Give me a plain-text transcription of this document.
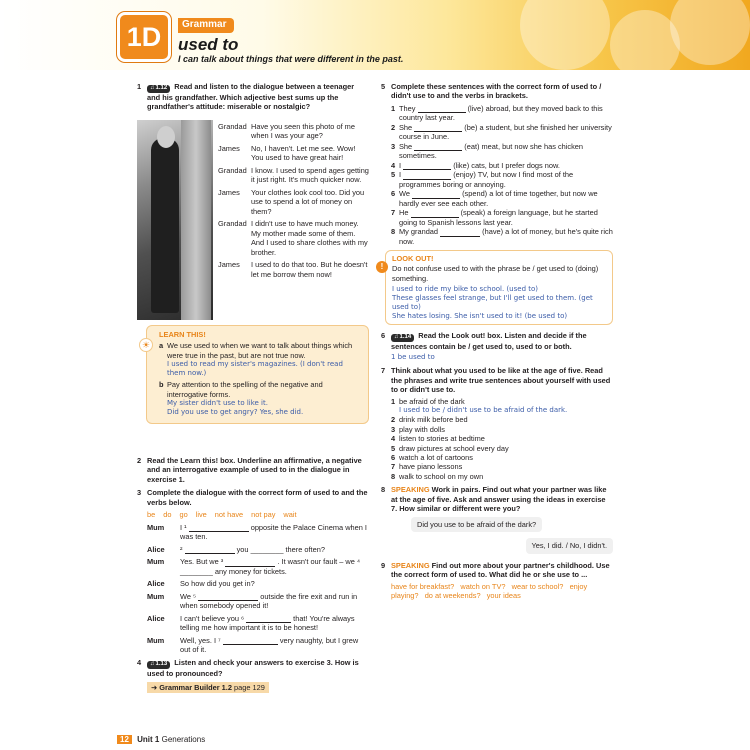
1D	Grammar
used to
I can talk about things that were different in the past.
1 ♫ 1.12 Read and listen to the dialogue between a teenager and his grandfather. Which adjective best sums up the grandfather's attitude: miserable or nostalgic?
Grandad Have you seen this photo of me when I was your age?
James	No, I haven't. Let me see. Wow! You used to have great hair!
Grandad I know. I used to spend ages getting it just right. It's much quicker now.
James	Your clothes look cool too. Did you use to spend a lot of money on them?
Grandad I didn't use to have much money. My mother made some of them. And I used to share clothes with my brother.
James	I used to do that too. But he doesn't let me borrow them now!
☀
LEARN THIS!
a We use used to when we want to talk about things which were true in the past, but are not true now.
I used to read my sister's magazines. (I don't read them now.)
b Pay attention to the spelling of the negative and interrogative forms.
My sister didn't use to like it.
Did you use to get angry? Yes, she did.
2 Read the Learn this! box. Underline an affirmative, a negative and an interrogative example of used to in the dialogue in exercise 1.
3 Complete the dialogue with the correct form of used to and the verbs below.
be do go live not have not pay wait
Mum	I ¹	opposite the Palace Cinema when I was ten.
Alice	²	you ________ there often?
Mum	Yes. But we ³	. It wasn't our fault – we ⁴ ________ any money for tickets.
Alice	So how did you get in?
Mum	We ⁵	outside the fire exit and run in when somebody opened it!
Alice	I can't believe you ⁶	that! You're always telling me how important it is to be honest!
Mum	Well, yes. I ⁷	very naughty, but I grew out of it.
4 ♫ 1.13 Listen and check your answers to exercise 3. How is used to pronounced?
➜ Grammar Builder 1.2 page 129
5 Complete these sentences with the correct form of used to / didn't use to and the verbs in brackets.
1 They	(live) abroad, but they moved back to this country last year.
2 She	(be) a student, but she finished her university course in June.
3 She	(eat) meat, but now she has chicken sometimes.
4 I	(like) cats, but I prefer dogs now.
5 I	(enjoy) TV, but now I find most of the programmes boring or annoying.
6 We	(spend) a lot of time together, but now we hardly ever see each other.
7 He	(speak) a foreign language, but he started going to Spanish lessons last year.
8 My grandad	(have) a lot of money, but he's quite rich now.
!
LOOK OUT!
Do not confuse used to with the phrase be / get used to (doing) something.
I used to ride my bike to school. (used to)
These glasses feel strange, but I'll get used to them. (get used to)
She hates losing. She isn't used to it! (be used to)
6 ♫ 1.14 Read the Look out! box. Listen and decide if the sentences contain be / get used to, used to or both.
1 be used to
7 Think about what you used to be like at the age of five. Read the phrases and write true sentences about yourself with used to or didn't use to.
1 be afraid of the dark
I used to be / didn't use to be afraid of the dark.
2 drink milk before bed
3 play with dolls
4 listen to stories at bedtime
5 draw pictures at school every day
6 watch a lot of cartoons
7 have piano lessons
8 walk to school on my own
8 SPEAKING Work in pairs. Find out what your partner was like at the age of five. Ask and answer using the ideas in exercise 7. How similar or different were you?
Did you use to be afraid of the dark?
Yes, I did. / No, I didn't.
9 SPEAKING Find out more about your partner's childhood. Use the correct form of used to. What did he or she use to ...
have for breakfast?   watch on TV?   wear to school?   enjoy playing?   do at weekends?   your ideas
12 Unit 1 Generations
